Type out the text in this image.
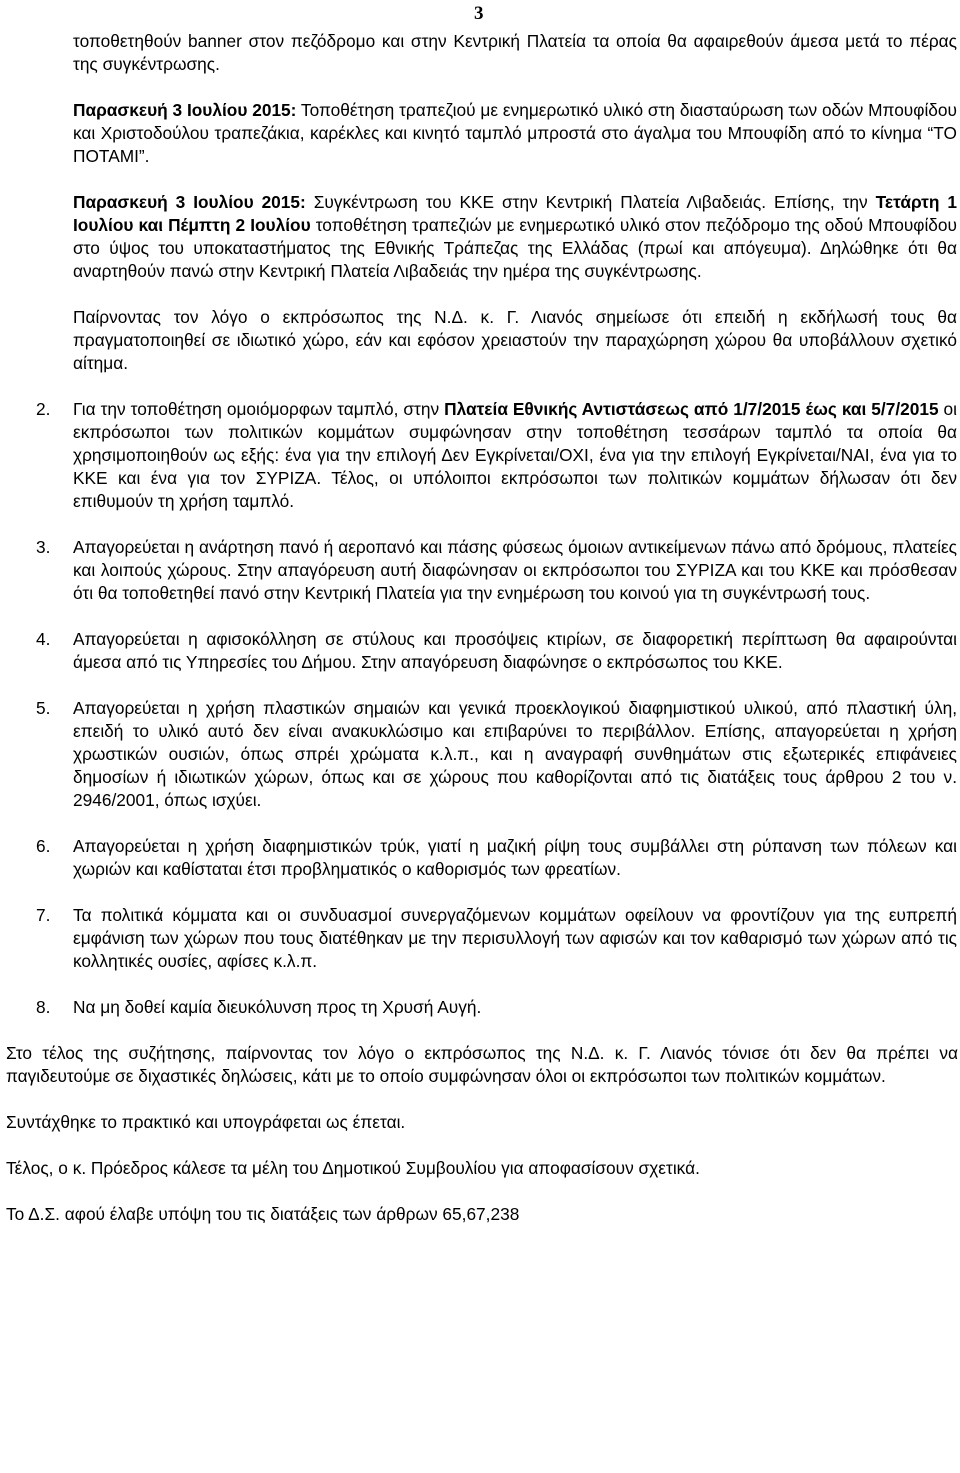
3

τοποθετηθούν banner στον πεζόδρομο και στην Κεντρική Πλατεία τα οποία θα αφαιρεθούν άμεσα μετά το πέρας της συγκέντρωσης.

Παρασκευή 3 Ιουλίου 2015: Τοποθέτηση τραπεζιού με ενημερωτικό υλικό στη διασταύρωση των οδών Μπουφίδου και Χριστοδούλου τραπεζάκια, καρέκλες και κινητό ταμπλό μπροστά στο άγαλμα του Μπουφίδη από το κίνημα “ΤΟ ΠΟΤΑΜΙ”.

Παρασκευή 3 Ιουλίου 2015: Συγκέντρωση του ΚΚΕ στην Κεντρική Πλατεία Λιβαδειάς. Επίσης, την Τετάρτη 1 Ιουλίου και Πέμπτη 2 Ιουλίου τοποθέτηση τραπεζιών με ενημερωτικό υλικό στον πεζόδρομο της οδού Μπουφίδου στο ύψος του υποκαταστήματος της Εθνικής Τράπεζας της Ελλάδας (πρωί και απόγευμα). Δηλώθηκε ότι θα αναρτηθούν πανώ στην Κεντρική Πλατεία Λιβαδειάς την ημέρα της συγκέντρωσης.

Παίρνοντας τον λόγο ο εκπρόσωπος της Ν.Δ. κ. Γ. Λιανός σημείωσε ότι επειδή η εκδήλωσή τους θα πραγματοποιηθεί σε ιδιωτικό χώρο, εάν και εφόσον χρειαστούν την παραχώρηση χώρου θα υποβάλλουν σχετικό αίτημα.

2. Για την τοποθέτηση ομοιόμορφων ταμπλό, στην Πλατεία Εθνικής Αντιστάσεως από 1/7/2015 έως και 5/7/2015 οι εκπρόσωποι των πολιτικών κομμάτων συμφώνησαν στην τοποθέτηση τεσσάρων ταμπλό τα οποία θα χρησιμοποιηθούν ως εξής: ένα για την επιλογή Δεν Εγκρίνεται/ΟΧΙ, ένα για την επιλογή Εγκρίνεται/ΝΑΙ, ένα για το ΚΚΕ και ένα για τον ΣΥΡΙΖΑ. Τέλος, οι υπόλοιποι εκπρόσωποι των πολιτικών κομμάτων δήλωσαν ότι δεν επιθυμούν τη χρήση ταμπλό.

3. Απαγορεύεται η ανάρτηση πανό ή αεροπανό και πάσης φύσεως όμοιων αντικείμενων πάνω από δρόμους, πλατείες και λοιπούς χώρους. Στην απαγόρευση αυτή διαφώνησαν οι εκπρόσωποι του ΣΥΡΙΖΑ και του ΚΚΕ και πρόσθεσαν ότι θα τοποθετηθεί πανό στην Κεντρική Πλατεία για την ενημέρωση του κοινού για τη συγκέντρωσή τους.

4. Απαγορεύεται η αφισοκόλληση σε στύλους και προσόψεις κτιρίων, σε διαφορετική περίπτωση θα αφαιρούνται άμεσα από τις Υπηρεσίες του Δήμου. Στην απαγόρευση διαφώνησε ο εκπρόσωπος του ΚΚΕ.

5. Απαγορεύεται η χρήση πλαστικών σημαιών και γενικά προεκλογικού διαφημιστικού υλικού, από πλαστική ύλη, επειδή το υλικό αυτό δεν είναι ανακυκλώσιμο και επιβαρύνει το περιβάλλον. Επίσης, απαγορεύεται η χρήση χρωστικών ουσιών, όπως σπρέι χρώματα κ.λ.π., και η αναγραφή συνθημάτων στις εξωτερικές επιφάνειες δημοσίων ή ιδιωτικών χώρων, όπως και σε χώρους που καθορίζονται από τις διατάξεις τους άρθρου 2 του ν. 2946/2001, όπως ισχύει.

6. Απαγορεύεται η χρήση διαφημιστικών τρύκ, γιατί η μαζική ρίψη τους συμβάλλει στη ρύπανση των πόλεων και χωριών και καθίσταται έτσι προβληματικός ο καθορισμός των φρεατίων.

7. Τα πολιτικά κόμματα και οι συνδυασμοί συνεργαζόμενων κομμάτων οφείλουν να φροντίζουν για της ευπρεπή εμφάνιση των χώρων που τους διατέθηκαν με την περισυλλογή των αφισών και τον καθαρισμό των χώρων από τις κολλητικές ουσίες, αφίσες κ.λ.π.

8. Να μη δοθεί καμία διευκόλυνση προς τη Χρυσή Αυγή.

Στο τέλος της συζήτησης, παίρνοντας τον λόγο ο εκπρόσωπος της Ν.Δ. κ. Γ. Λιανός τόνισε ότι δεν θα πρέπει να παγιδευτούμε σε διχαστικές δηλώσεις, κάτι με το οποίο συμφώνησαν όλοι οι εκπρόσωποι των πολιτικών κομμάτων.

Συντάχθηκε το πρακτικό και υπογράφεται ως έπεται.

Τέλος, ο κ. Πρόεδρος κάλεσε τα μέλη του Δημοτικού Συμβουλίου για αποφασίσουν σχετικά.

Το Δ.Σ. αφού έλαβε υπόψη του τις διατάξεις των άρθρων 65,67,238
